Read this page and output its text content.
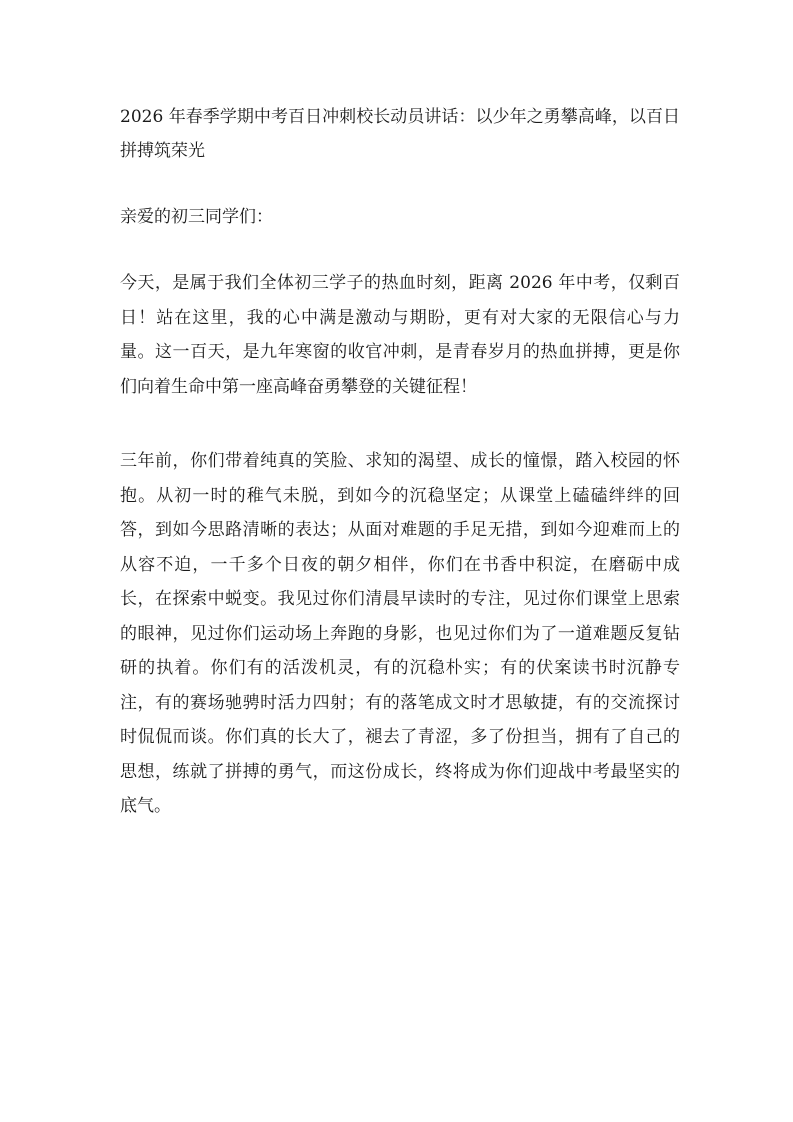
2026 年春季学期中考百日冲刺校长动员讲话：以少年之勇攀高峰，以百日拼搏筑荣光

亲爱的初三同学们：

今天，是属于我们全体初三学子的热血时刻，距离 2026 年中考，仅剩百日！站在这里，我的心中满是激动与期盼，更有对大家的无限信心与力量。这一百天，是九年寒窗的收官冲刺，是青春岁月的热血拼搏，更是你们向着生命中第一座高峰奋勇攀登的关键征程！

三年前，你们带着纯真的笑脸、求知的渴望、成长的憧憬，踏入校园的怀抱。从初一时的稚气未脱，到如今的沉稳坚定；从课堂上磕磕绊绊的回答，到如今思路清晰的表达；从面对难题的手足无措，到如今迎难而上的从容不迫，一千多个日夜的朝夕相伴，你们在书香中积淀，在磨砺中成长，在探索中蜕变。我见过你们清晨早读时的专注，见过你们课堂上思索的眼神，见过你们运动场上奔跑的身影，也见过你们为了一道难题反复钻研的执着。你们有的活泼机灵，有的沉稳朴实；有的伏案读书时沉静专注，有的赛场驰骋时活力四射；有的落笔成文时才思敏捷，有的交流探讨时侃侃而谈。你们真的长大了，褪去了青涩，多了份担当，拥有了自己的思想，练就了拼搏的勇气，而这份成长，终将成为你们迎战中考最坚实的底气。
